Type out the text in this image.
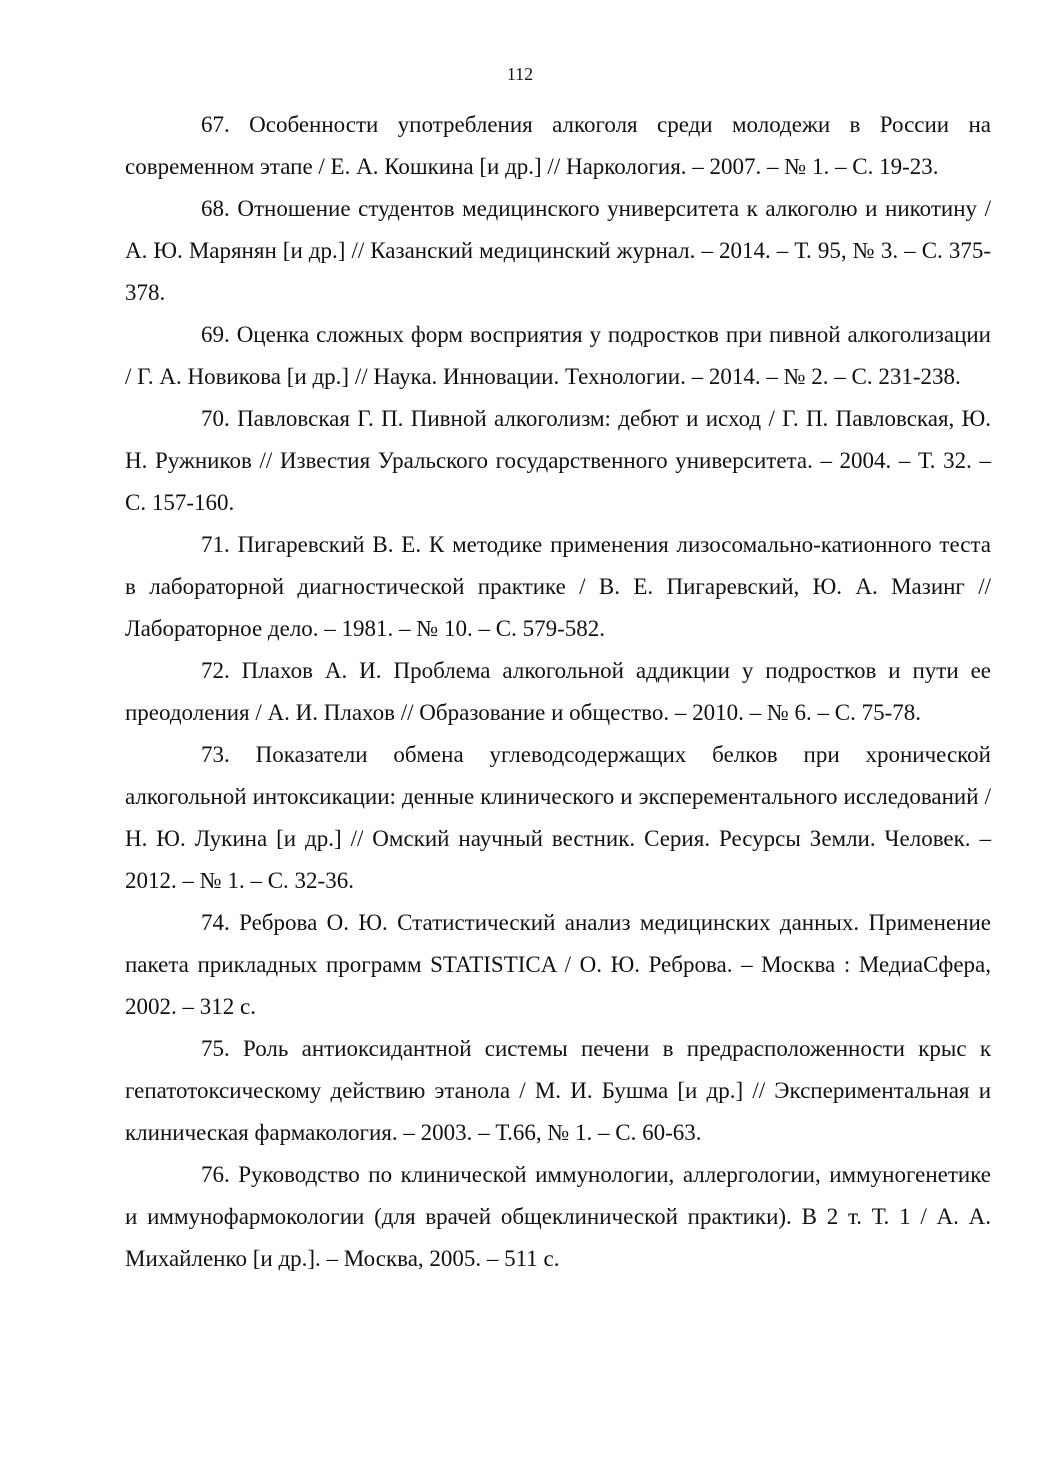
112
67. Особенности употребления алкоголя среди молодежи в России на современном этапе / Е. А. Кошкина [и др.] // Наркология. – 2007. – № 1. – С. 19-23.
68. Отношение студентов медицинского университета к алкоголю и никотину / А. Ю. Марянян [и др.] // Казанский медицинский журнал. – 2014. – Т. 95, № 3. – С. 375-378.
69. Оценка сложных форм восприятия у подростков при пивной алкоголизации / Г. А. Новикова [и др.] // Наука. Инновации. Технологии. – 2014. – № 2. – С. 231-238.
70. Павловская Г. П. Пивной алкоголизм: дебют и исход / Г. П. Павловская, Ю. Н. Ружников // Известия Уральского государственного университета. – 2004. – Т. 32. – С. 157-160.
71. Пигаревский В. Е. К методике применения лизосомально-катионного теста в лабораторной диагностической практике / В. Е. Пигаревский, Ю. А. Мазинг // Лабораторное дело. – 1981. – № 10. – С. 579-582.
72. Плахов А. И. Проблема алкогольной аддикции у подростков и пути ее преодоления / А. И. Плахов // Образование и общество. – 2010. – № 6. – С. 75-78.
73. Показатели обмена углеводсодержащих белков при хронической алкогольной интоксикации: денные клинического и эксперементального исследований / Н. Ю. Лукина [и др.] // Омский научный вестник. Серия. Ресурсы Земли. Человек. – 2012. – № 1. – С. 32-36.
74. Реброва О. Ю. Статистический анализ медицинских данных. Применение пакета прикладных программ STATISTICA / О. Ю. Реброва. – Москва : МедиаСфера, 2002. – 312 с.
75. Роль антиоксидантной системы печени в предрасположенности крыс к гепатотоксическому действию этанола / М. И. Бушма [и др.] // Экспериментальная и клиническая фармакология. – 2003. – Т.66, № 1. – С. 60-63.
76. Руководство по клинической иммунологии, аллергологии, иммуногенетике и иммунофармокологии (для врачей общеклинической практики). В 2 т. Т. 1 / А. А. Михайленко [и др.]. – Москва, 2005. – 511 с.
